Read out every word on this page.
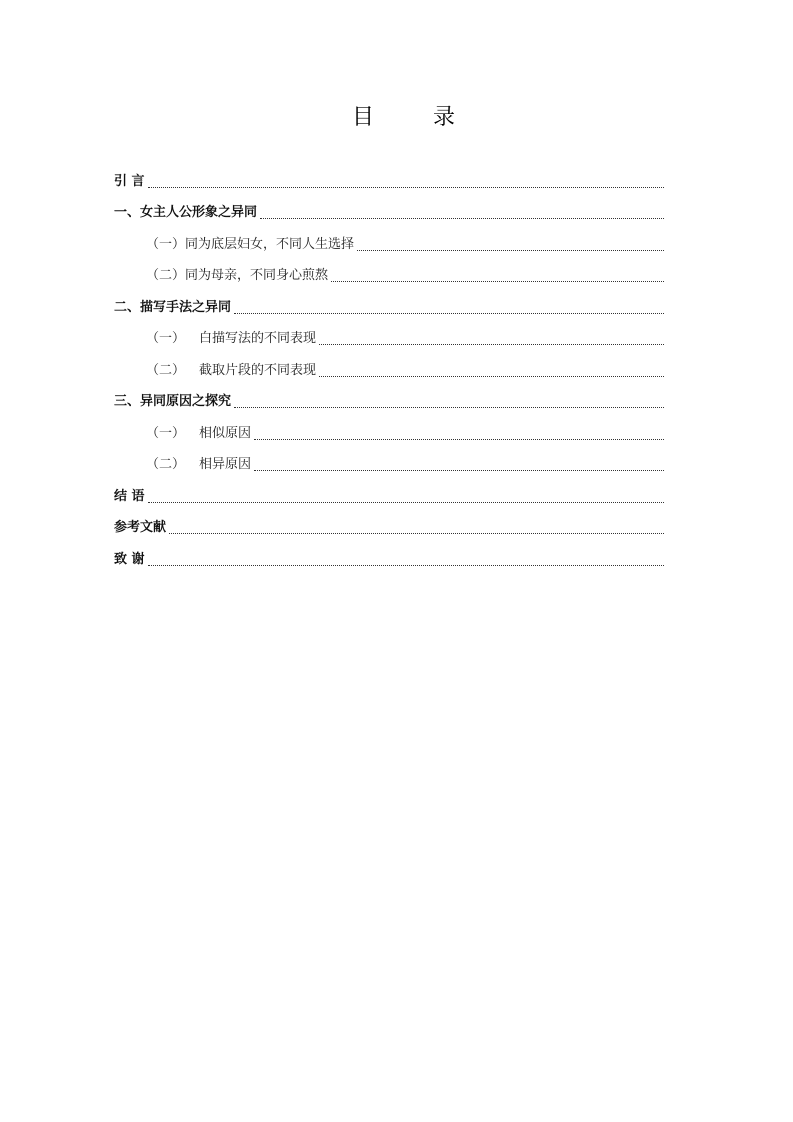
目 录
引 言
一、女主人公形象之异同
（一） 同为底层妇女，不同人生选择
（二） 同为母亲，不同身心煎熬
二、描写手法之异同
（一） 白描写法的不同表现
（二） 截取片段的不同表现
三、异同原因之探究
（一） 相似原因
（二） 相异原因
结 语
参考文献
致 谢
